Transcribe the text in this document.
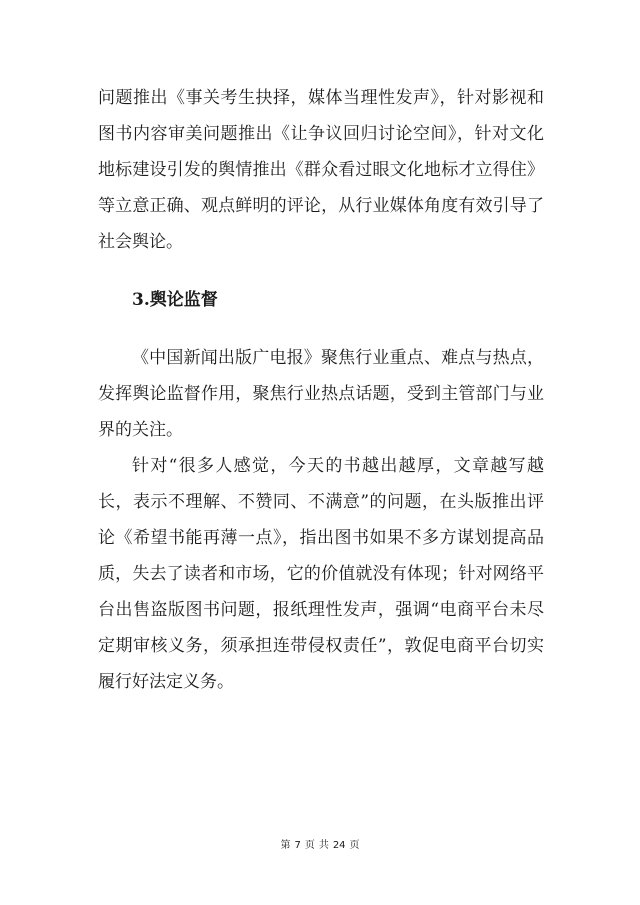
问题推出《事关考生抉择，媒体当理性发声》，针对影视和图书内容审美问题推出《让争议回归讨论空间》，针对文化地标建设引发的舆情推出《群众看过眼文化地标才立得住》等立意正确、观点鲜明的评论，从行业媒体角度有效引导了社会舆论。

3.舆论监督

《中国新闻出版广电报》聚焦行业重点、难点与热点，发挥舆论监督作用，聚焦行业热点话题，受到主管部门与业界的关注。

针对“很多人感觉，今天的书越出越厚，文章越写越长，表示不理解、不赞同、不满意”的问题，在头版推出评论《希望书能再薄一点》，指出图书如果不多方谋划提高品质，失去了读者和市场，它的价值就没有体现；针对网络平台出售盗版图书问题，报纸理性发声，强调“电商平台未尽定期审核义务，须承担连带侵权责任”，敦促电商平台切实履行好法定义务。

第 7 页 共 24 页
